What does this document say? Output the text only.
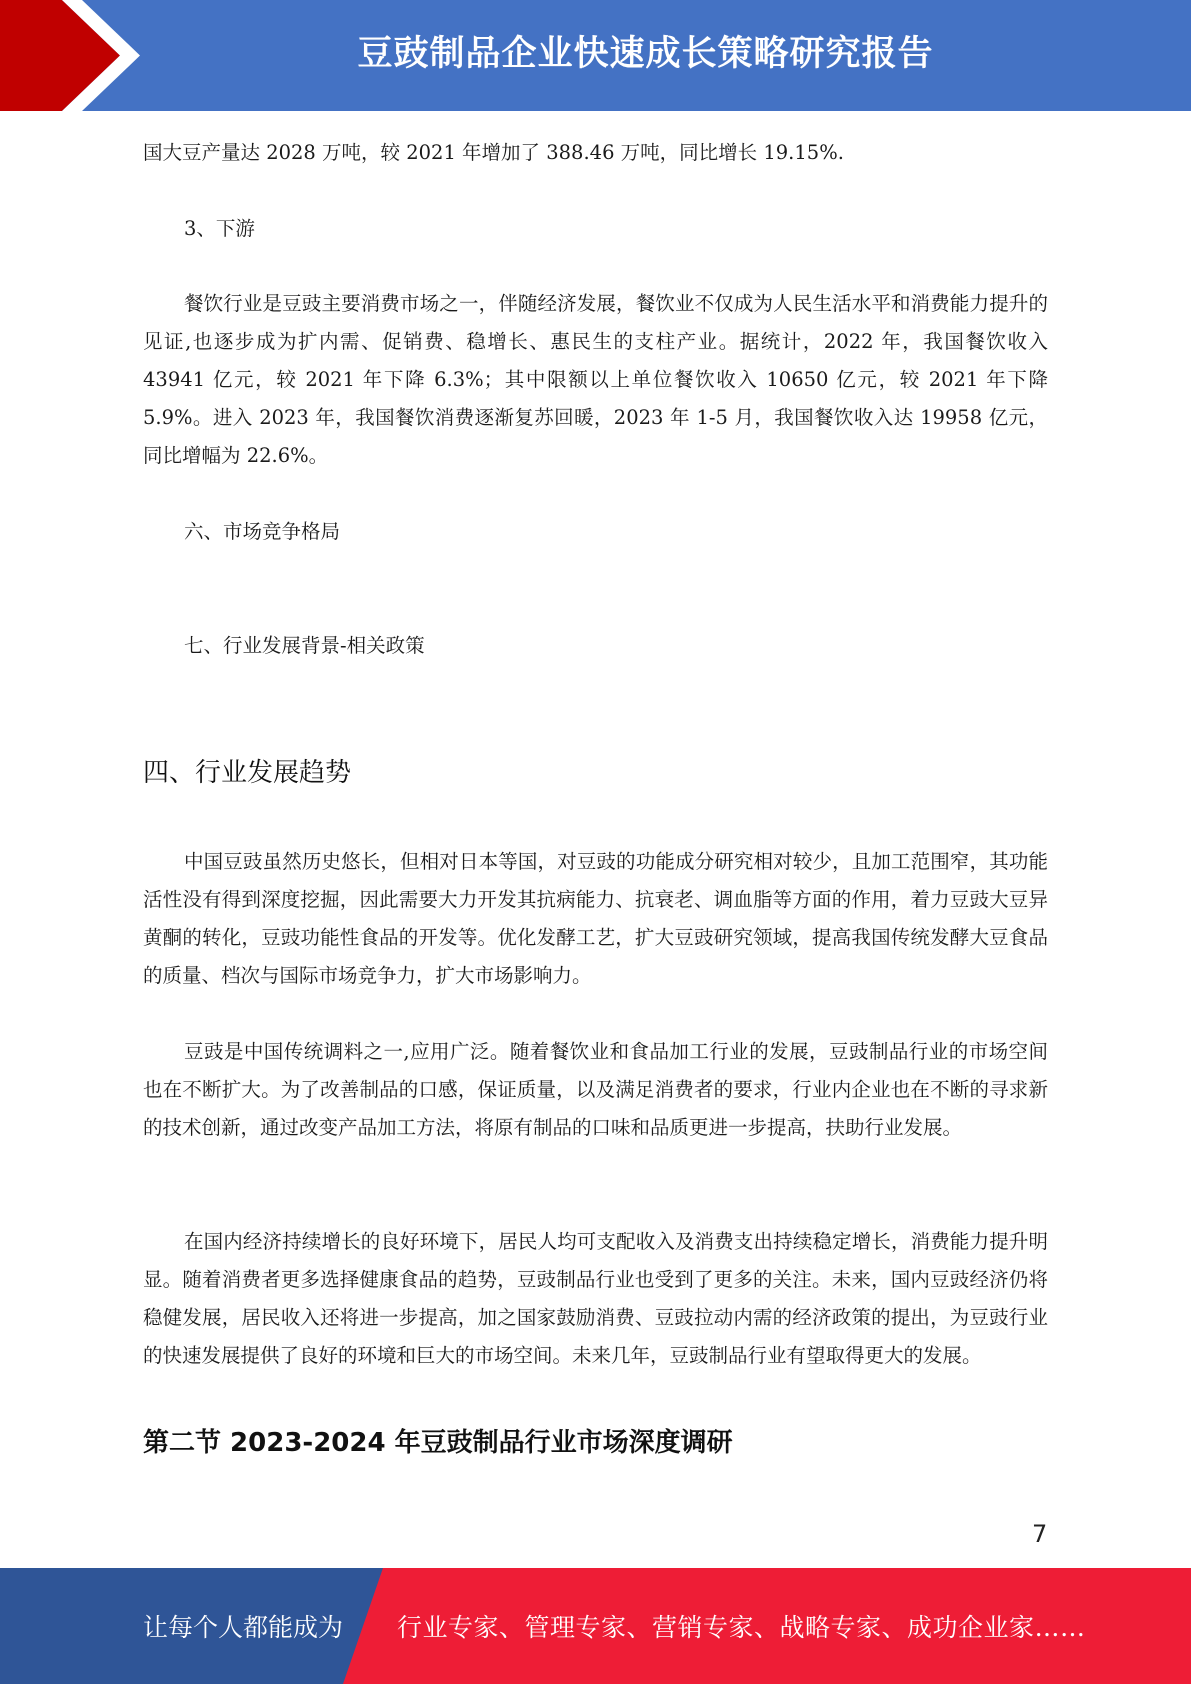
豆豉制品企业快速成长策略研究报告
国大豆产量达 2028 万吨，较 2021 年增加了 388.46 万吨，同比增长 19.15%.
3、下游
餐饮行业是豆豉主要消费市场之一，伴随经济发展，餐饮业不仅成为人民生活水平和消费能力提升的见证,也逐步成为扩内需、促销费、稳增长、惠民生的支柱产业。据统计，2022 年，我国餐饮收入 43941 亿元，较 2021 年下降 6.3%；其中限额以上单位餐饮收入 10650 亿元，较 2021 年下降 5.9%。进入 2023 年，我国餐饮消费逐渐复苏回暖，2023 年 1-5 月，我国餐饮收入达 19958 亿元，同比增幅为 22.6%。
六、市场竞争格局
七、行业发展背景-相关政策
四、行业发展趋势
中国豆豉虽然历史悠长，但相对日本等国，对豆豉的功能成分研究相对较少，且加工范围窄，其功能活性没有得到深度挖掘，因此需要大力开发其抗病能力、抗衰老、调血脂等方面的作用，着力豆豉大豆异黄酮的转化，豆豉功能性食品的开发等。优化发酵工艺，扩大豆豉研究领域，提高我国传统发酵大豆食品的质量、档次与国际市场竞争力，扩大市场影响力。
豆豉是中国传统调料之一,应用广泛。随着餐饮业和食品加工行业的发展，豆豉制品行业的市场空间也在不断扩大。为了改善制品的口感，保证质量，以及满足消费者的要求，行业内企业也在不断的寻求新的技术创新，通过改变产品加工方法，将原有制品的口味和品质更进一步提高，扶助行业发展。
在国内经济持续增长的良好环境下，居民人均可支配收入及消费支出持续稳定增长，消费能力提升明显。随着消费者更多选择健康食品的趋势，豆豉制品行业也受到了更多的关注。未来，国内豆豉经济仍将稳健发展，居民收入还将进一步提高，加之国家鼓励消费、豆豉拉动内需的经济政策的提出，为豆豉行业的快速发展提供了良好的环境和巨大的市场空间。未来几年，豆豉制品行业有望取得更大的发展。
第二节 2023-2024 年豆豉制品行业市场深度调研
7
让每个人都能成为 行业专家、管理专家、营销专家、战略专家、成功企业家……
